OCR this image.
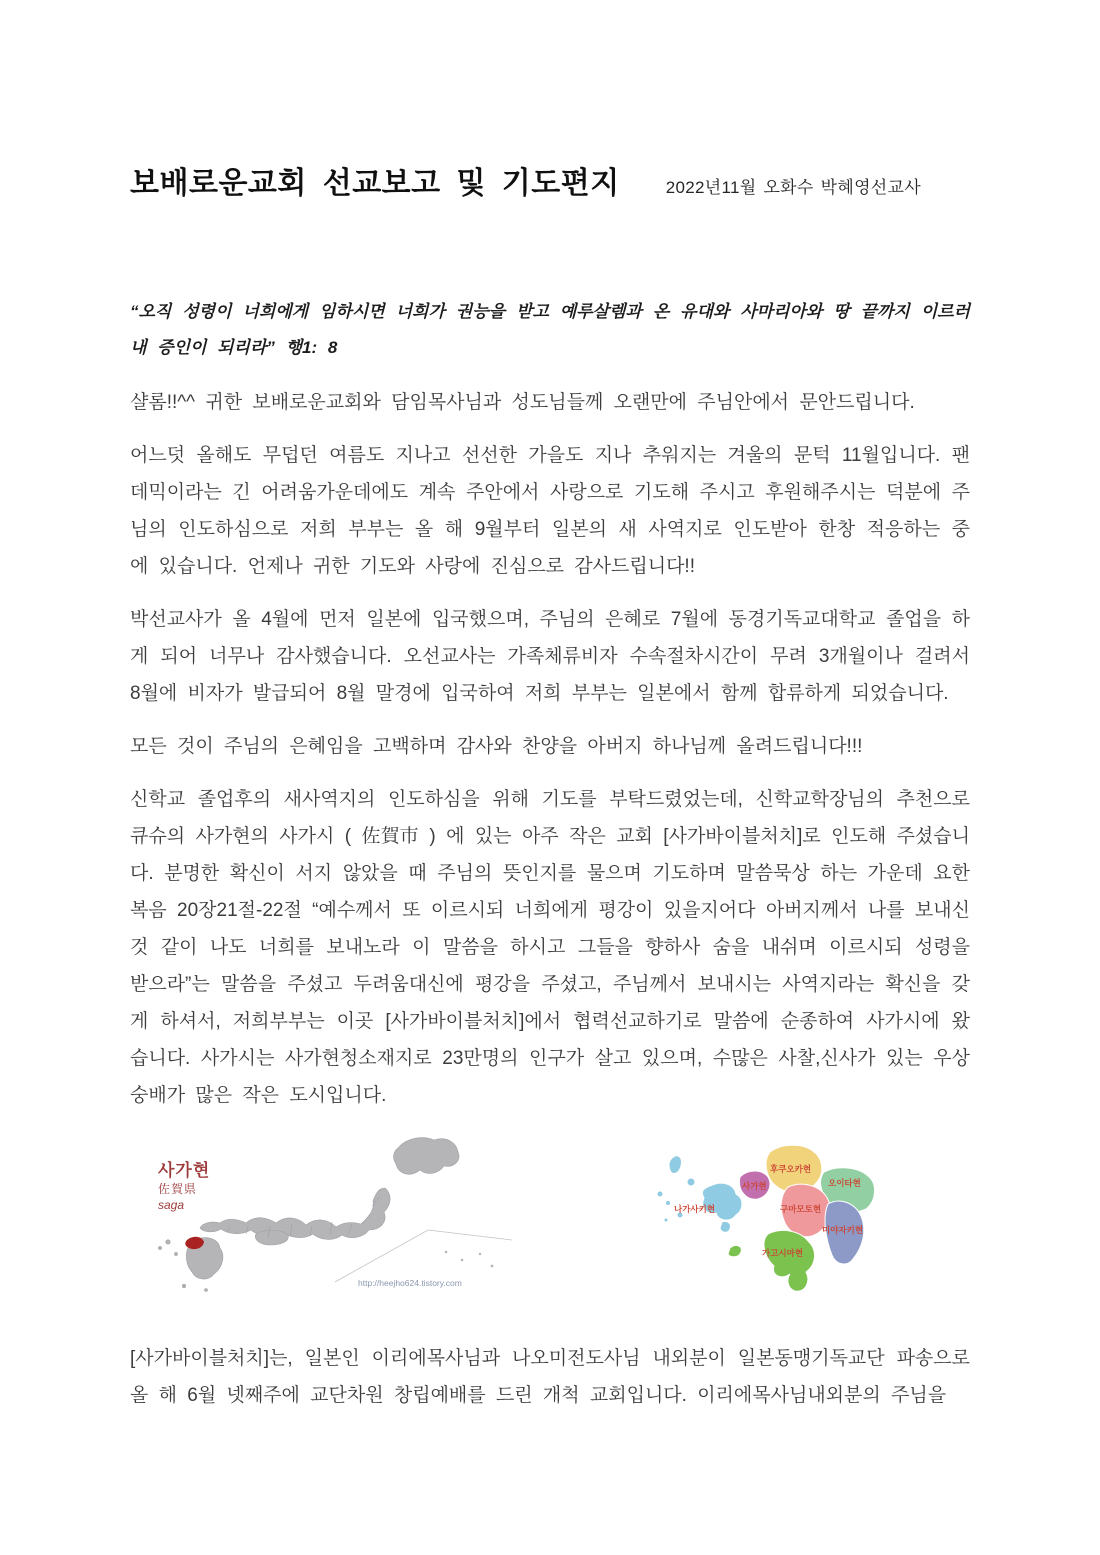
보배로운교회 선교보고 및 기도편지	2022년11월 오화수 박혜영선교사

“오직 성령이 너희에게 임하시면 너희가 권능을 받고 예루살렘과 온 유대와 사마리아와 땅 끝까지 이르러 내 증인이 되리라” 행1: 8

샬롬!!^^ 귀한 보배로운교회와 담임목사님과 성도님들께 오랜만에 주님안에서 문안드립니다.

어느덧 올해도 무덥던 여름도 지나고 선선한 가을도 지나 추워지는 겨울의 문턱 11월입니다. 팬데믹이라는 긴 어려움가운데에도 계속 주안에서 사랑으로 기도해 주시고 후원해주시는 덕분에 주님의 인도하심으로 저희 부부는 올 해 9월부터 일본의 새 사역지로 인도받아 한창 적응하는 중에 있습니다. 언제나 귀한 기도와 사랑에 진심으로 감사드립니다!!

박선교사가 올 4월에 먼저 일본에 입국했으며, 주님의 은혜로 7월에 동경기독교대학교 졸업을 하게 되어 너무나 감사했습니다. 오선교사는 가족체류비자 수속절차시간이 무려 3개월이나 걸려서 8월에 비자가 발급되어 8월 말경에 입국하여 저희 부부는 일본에서 함께 합류하게 되었습니다.

모든 것이 주님의 은혜임을 고백하며 감사와 찬양을 아버지 하나님께 올려드립니다!!!

신학교 졸업후의 새사역지의 인도하심을 위해 기도를 부탁드렸었는데, 신학교학장님의 추천으로 큐슈의 사가현의 사가시 ( 佐賀市 ) 에 있는 아주 작은 교회 [사가바이블처치]로 인도해 주셨습니다. 분명한 확신이 서지 않았을 때 주님의 뜻인지를 물으며 기도하며 말씀묵상 하는 가운데 요한복음 20장21절-22절 “예수께서 또 이르시되 너희에게 평강이 있을지어다 아버지께서 나를 보내신 것 같이 나도 너희를 보내노라 이 말씀을 하시고 그들을 향하사 숨을 내쉬며 이르시되 성령을 받으라”는 말씀을 주셨고 두려움대신에 평강을 주셨고, 주님께서 보내시는 사역지라는 확신을 갖게 하셔서, 저희부부는 이곳 [사가바이블처치]에서 협력선교하기로 말씀에 순종하여 사가시에 왔습니다. 사가시는 사가현청소재지로 23만명의 인구가 살고 있으며, 수많은 사찰,신사가 있는 우상숭배가 많은 작은 도시입니다.

사가현
佐賀県
saga
http://heejho624.tistory.com
후쿠오카현
사가현
나가사키현
오이타현
구마모토현
미야자키현
가고시마현

[사가바이블처치]는, 일본인 이리에목사님과 나오미전도사님 내외분이 일본동맹기독교단 파송으로 올 해 6월 넷째주에 교단차원 창립예배를 드린 개척 교회입니다. 이리에목사님내외분의 주님을
